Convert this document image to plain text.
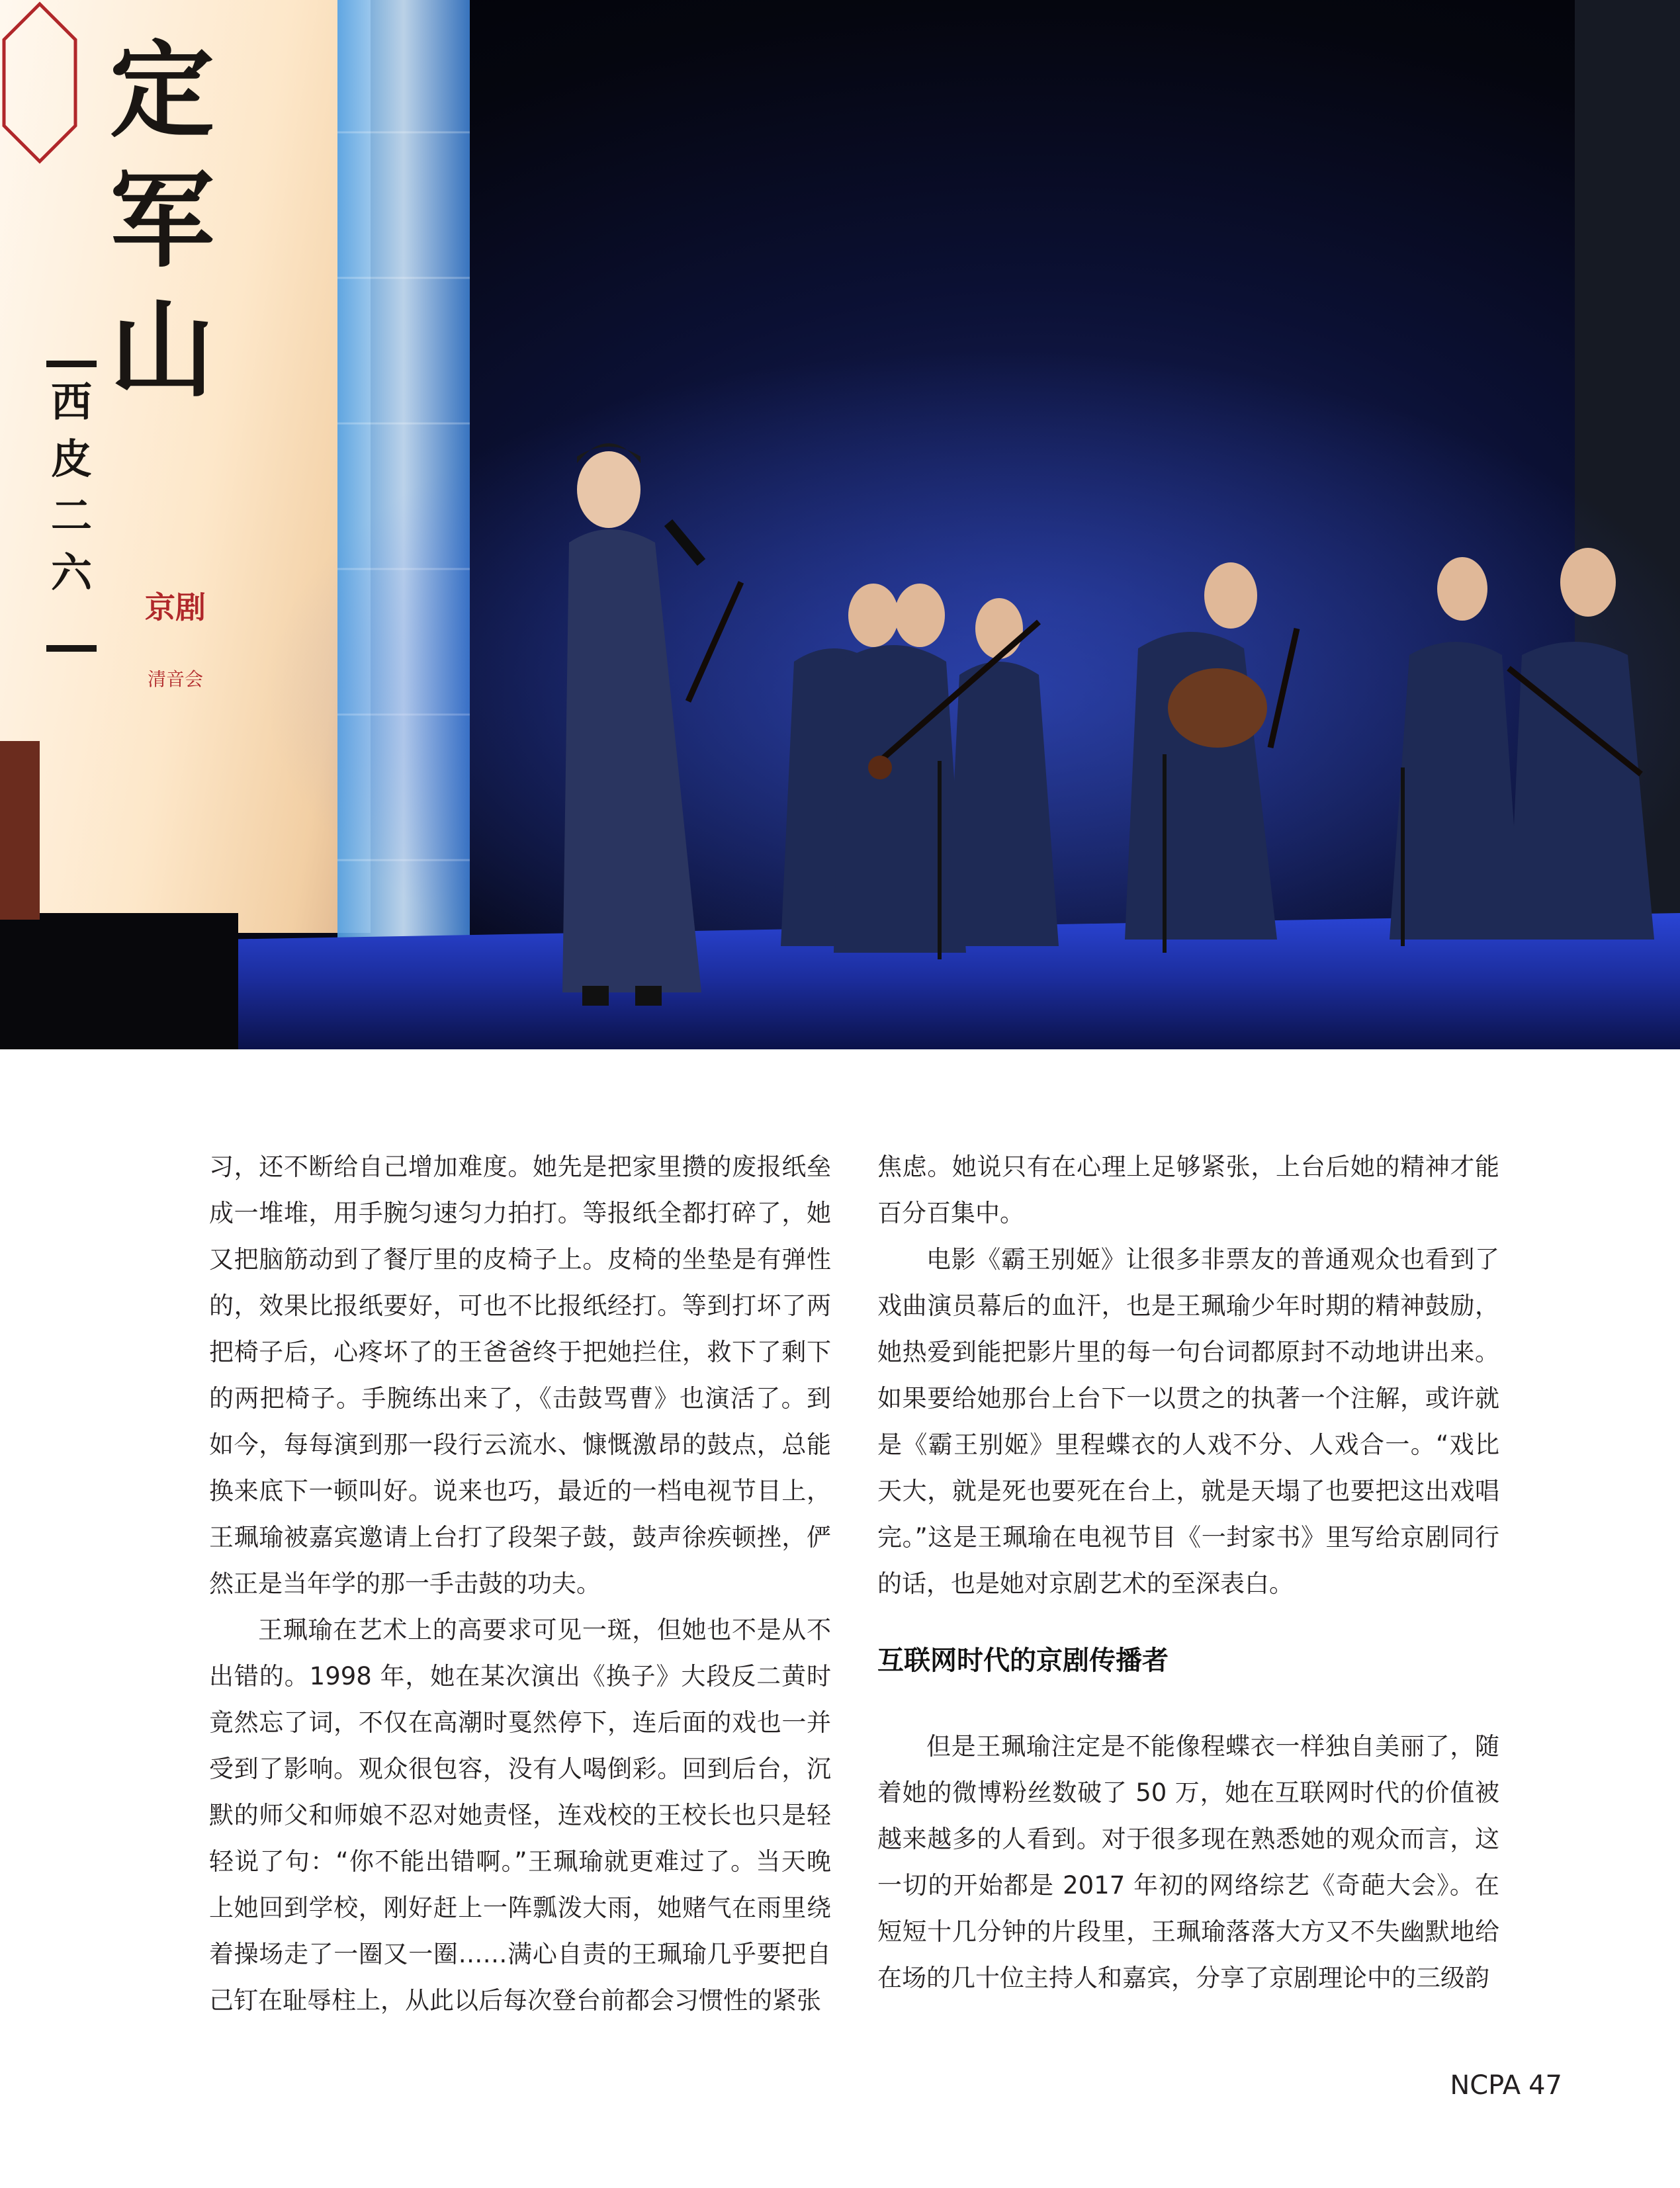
定军山
西皮二六
京剧
清音会

习，还不断给自己增加难度。她先是把家里攒的废报纸垒成一堆堆，用手腕匀速匀力拍打。等报纸全都打碎了，她又把脑筋动到了餐厅里的皮椅子上。皮椅的坐垫是有弹性的，效果比报纸要好，可也不比报纸经打。等到打坏了两把椅子后，心疼坏了的王爸爸终于把她拦住，救下了剩下的两把椅子。手腕练出来了，《击鼓骂曹》也演活了。到如今，每每演到那一段行云流水、慷慨激昂的鼓点，总能换来底下一顿叫好。说来也巧，最近的一档电视节目上，王珮瑜被嘉宾邀请上台打了段架子鼓，鼓声徐疾顿挫，俨然正是当年学的那一手击鼓的功夫。

王珮瑜在艺术上的高要求可见一斑，但她也不是从不出错的。1998 年，她在某次演出《换子》大段反二黄时竟然忘了词，不仅在高潮时戛然停下，连后面的戏也一并受到了影响。观众很包容，没有人喝倒彩。回到后台，沉默的师父和师娘不忍对她责怪，连戏校的王校长也只是轻轻说了句：“你不能出错啊。”王珮瑜就更难过了。当天晚上她回到学校，刚好赶上一阵瓢泼大雨，她赌气在雨里绕着操场走了一圈又一圈……满心自责的王珮瑜几乎要把自己钉在耻辱柱上，从此以后每次登台前都会习惯性的紧张

焦虑。她说只有在心理上足够紧张，上台后她的精神才能百分百集中。

电影《霸王别姬》让很多非票友的普通观众也看到了戏曲演员幕后的血汗，也是王珮瑜少年时期的精神鼓励，她热爱到能把影片里的每一句台词都原封不动地讲出来。如果要给她那台上台下一以贯之的执著一个注解，或许就是《霸王别姬》里程蝶衣的人戏不分、人戏合一。“戏比天大，就是死也要死在台上，就是天塌了也要把这出戏唱完。”这是王珮瑜在电视节目《一封家书》里写给京剧同行的话，也是她对京剧艺术的至深表白。

互联网时代的京剧传播者

但是王珮瑜注定是不能像程蝶衣一样独自美丽了，随着她的微博粉丝数破了 50 万，她在互联网时代的价值被越来越多的人看到。对于很多现在熟悉她的观众而言，这一切的开始都是 2017 年初的网络综艺《奇葩大会》。在短短十几分钟的片段里，王珮瑜落落大方又不失幽默地给在场的几十位主持人和嘉宾，分享了京剧理论中的三级韵

NCPA 47
